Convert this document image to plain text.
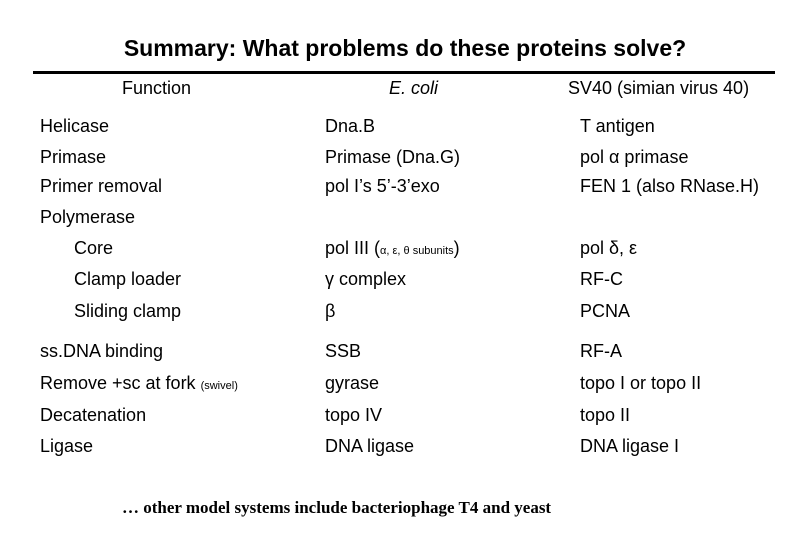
Summary: What problems do these proteins solve?
Function	E. coli	SV40 (simian virus 40)
Helicase	Dna.B	T antigen
Primase	Primase (Dna.G)	pol α primase
Primer removal	pol I’s 5’-3’exo	FEN 1 (also RNase.H)
Polymerase
Core	pol III (α, ε, θ subunits)	pol δ, ε
Clamp loader	γ complex	RF-C
Sliding clamp	β	PCNA
ss.DNA binding	SSB	RF-A
Remove +sc at fork (swivel)	gyrase	topo I or topo II
Decatenation	topo IV	topo II
Ligase	DNA ligase	DNA ligase I
… other model systems include bacteriophage T4 and yeast
